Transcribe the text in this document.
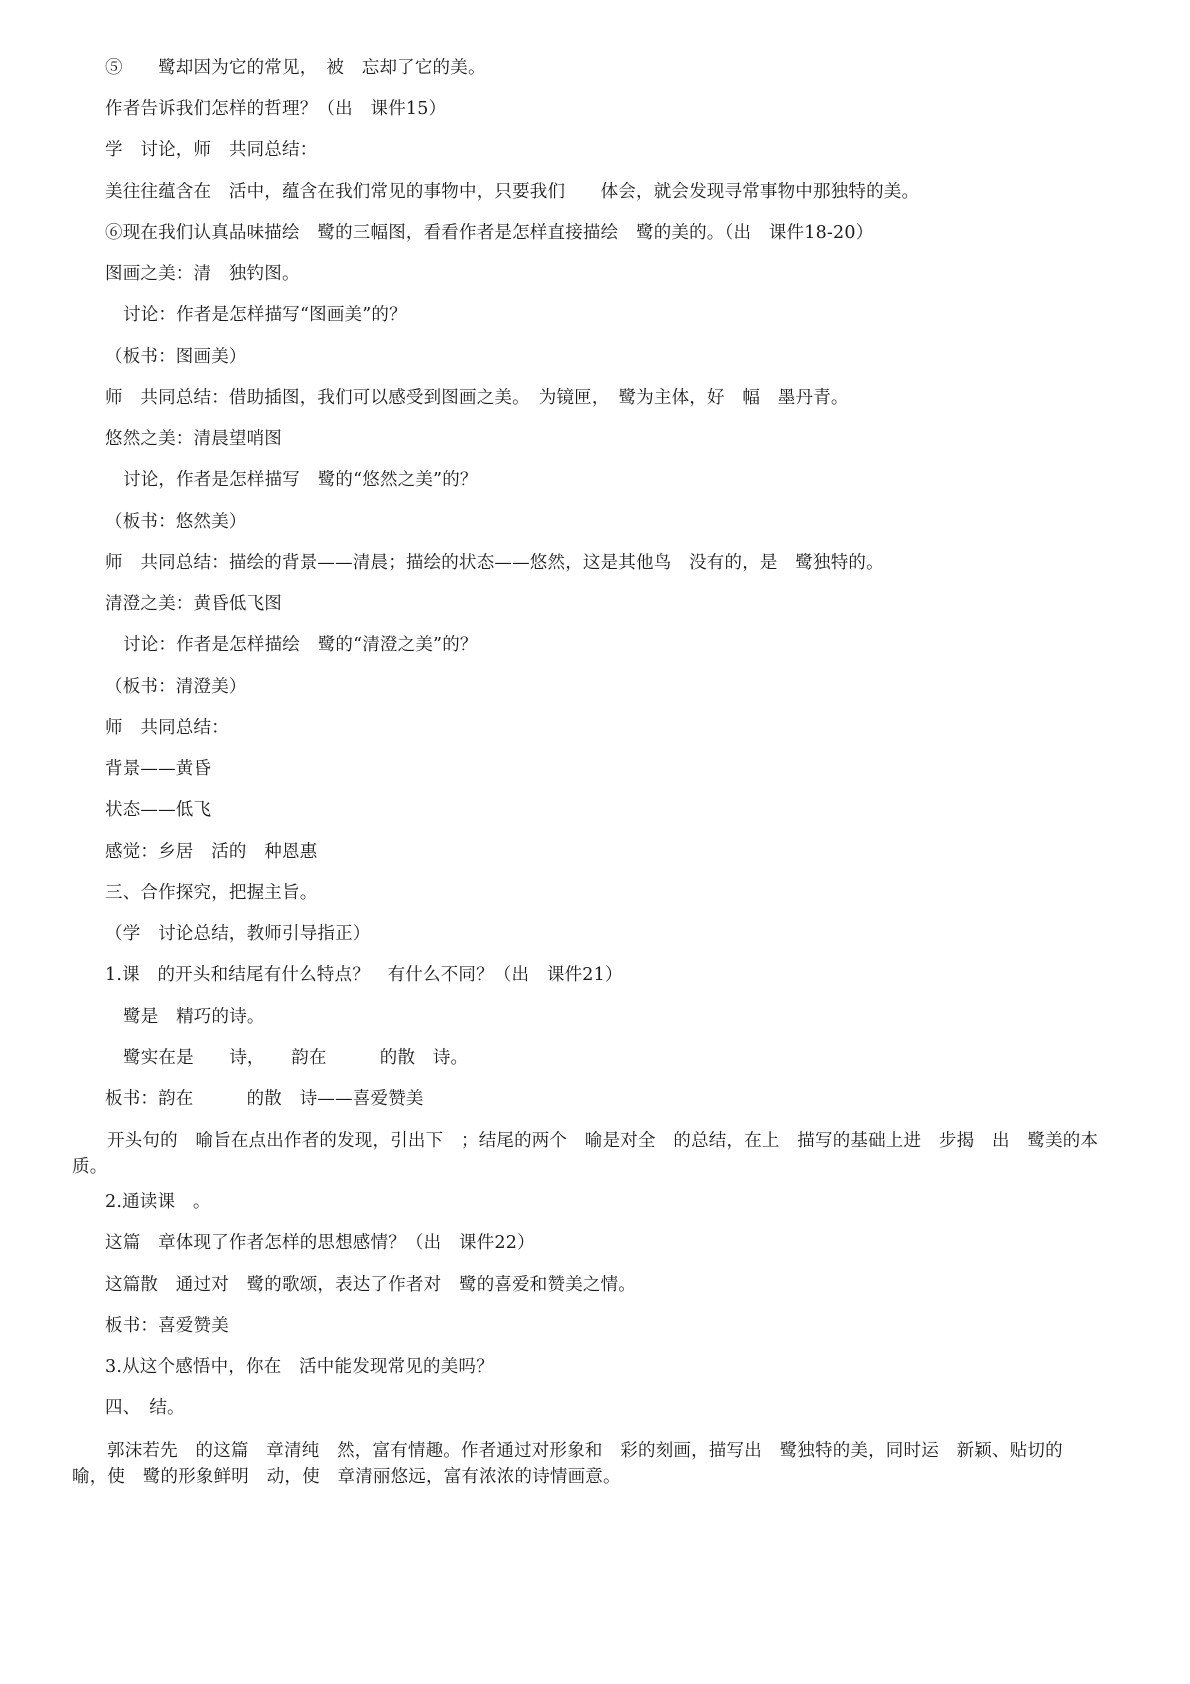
⑤　　鹭却因为它的常见，　被　忘却了它的美。
作者告诉我们怎样的哲理？（出　课件15）
学　讨论，师　共同总结：
美往往蕴含在　活中，蕴含在我们常见的事物中，只要我们　　体会，就会发现寻常事物中那独特的美。
⑥现在我们认真品味描绘　鹭的三幅图，看看作者是怎样直接描绘　鹭的美的。（出　课件18-20）
图画之美：清　独钓图。
讨论：作者是怎样描写“图画美”的？
（板书：图画美）
师　共同总结：借助插图，我们可以感受到图画之美。　为镜匣，　鹭为主体，好　幅　墨丹青。
悠然之美：清晨望哨图
讨论，作者是怎样描写　鹭的“悠然之美”的？
（板书：悠然美）
师　共同总结：描绘的背景——清晨；描绘的状态——悠然，这是其他鸟　没有的，是　鹭独特的。
清澄之美：黄昏低飞图
讨论：作者是怎样描绘　鹭的“清澄之美”的？
（板书：清澄美）
师　共同总结：
背景——黄昏
状态——低飞
感觉：乡居　活的　种恩惠
三、合作探究，把握主旨。
（学　讨论总结，教师引导指正）
1.课　的开头和结尾有什么特点？　有什么不同？（出　课件21）
鹭是　精巧的诗。
鹭实在是　　诗，　　韵在　　　的散　诗。
板书：韵在　　　的散　诗——喜爱赞美
开头句的　喻旨在点出作者的发现，引出下　；结尾的两个　喻是对全　的总结，在上　描写的基础上进　步揭　出　鹭美的本质。
2.通读课　。
这篇　章体现了作者怎样的思想感情？（出　课件22）
这篇散　通过对　鹭的歌颂，表达了作者对　鹭的喜爱和赞美之情。
板书：喜爱赞美
3.从这个感悟中，你在　活中能发现常见的美吗？
四、　结。
郭沫若先　的这篇　章清纯　然，富有情趣。作者通过对形象和　彩的刻画，描写出　鹭独特的美，同时运　新颖、贴切的　喻，使　鹭的形象鲜明　动，使　章清丽悠远，富有浓浓的诗情画意。
